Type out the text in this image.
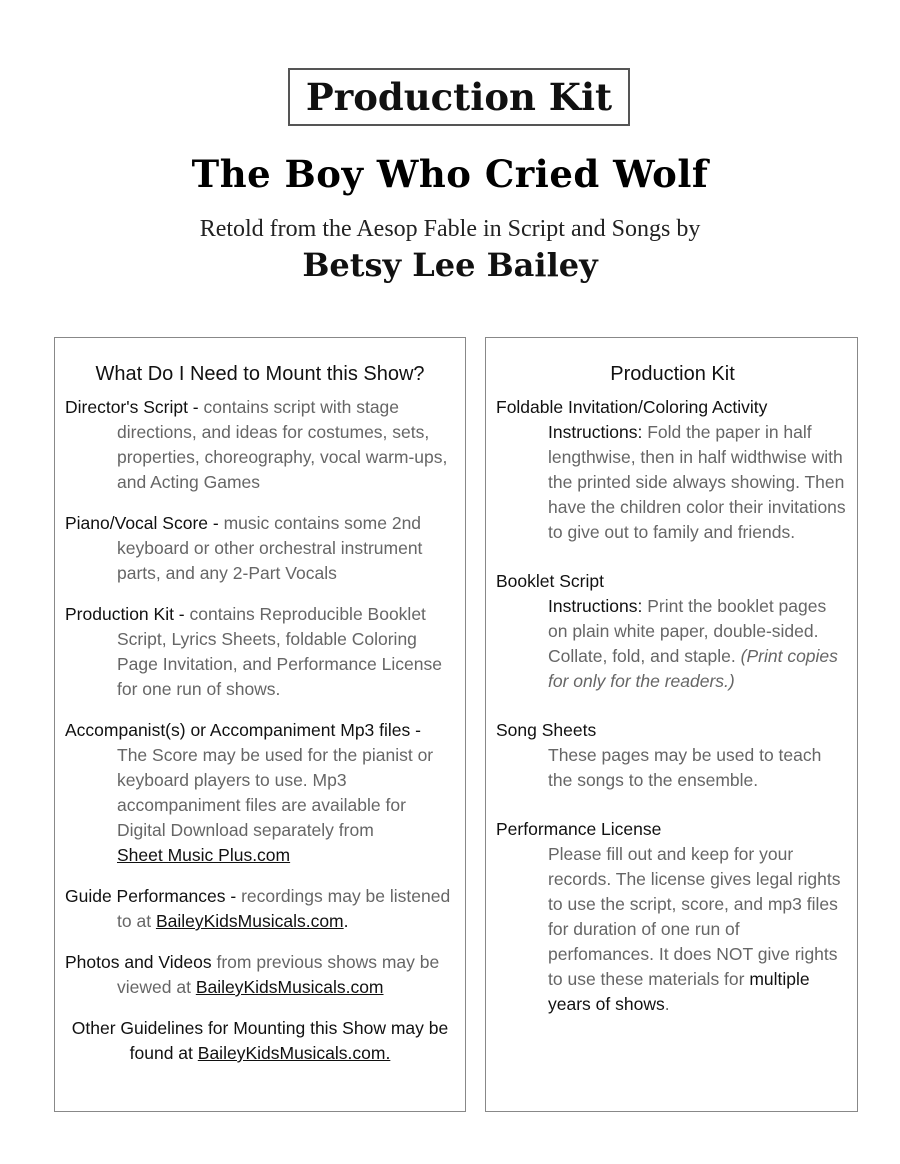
Production Kit
The Boy Who Cried Wolf
Retold from the Aesop Fable in Script and Songs by
Betsy Lee Bailey
What Do I Need to Mount this Show?
Director's Script - contains script with stage directions, and ideas for costumes, sets, properties, choreography, vocal warm-ups, and Acting Games
Piano/Vocal Score - music contains some 2nd keyboard or other orchestral instrument parts, and any 2-Part Vocals
Production Kit - contains Reproducible Booklet Script, Lyrics Sheets, foldable Coloring Page Invitation, and Performance License for one run of shows.
Accompanist(s) or Accompaniment Mp3 files -
The Score may be used for the pianist or keyboard players to use. Mp3 accompaniment files are available for Digital Download separately from
Sheet Music Plus.com
Guide Performances - recordings may be listened to at BaileyKidsMusicals.com.
Photos and Videos from previous shows may be viewed at BaileyKidsMusicals.com
Other Guidelines for Mounting this Show may be found at BaileyKidsMusicals.com.
Production Kit
Foldable Invitation/Coloring Activity
Instructions: Fold the paper in half lengthwise, then in half widthwise with the printed side always showing. Then have the children color their invitations to give out to family and friends.
Booklet Script
Instructions: Print the booklet pages on plain white paper, double-sided. Collate, fold, and staple. (Print copies for only for the readers.)
Song Sheets
These pages may be used to teach the songs to the ensemble.
Performance License
Please fill out and keep for your records. The license gives legal rights to use the script, score, and mp3 files for duration of one run of perfomances. It does NOT give rights to use these materials for multiple years of shows.
